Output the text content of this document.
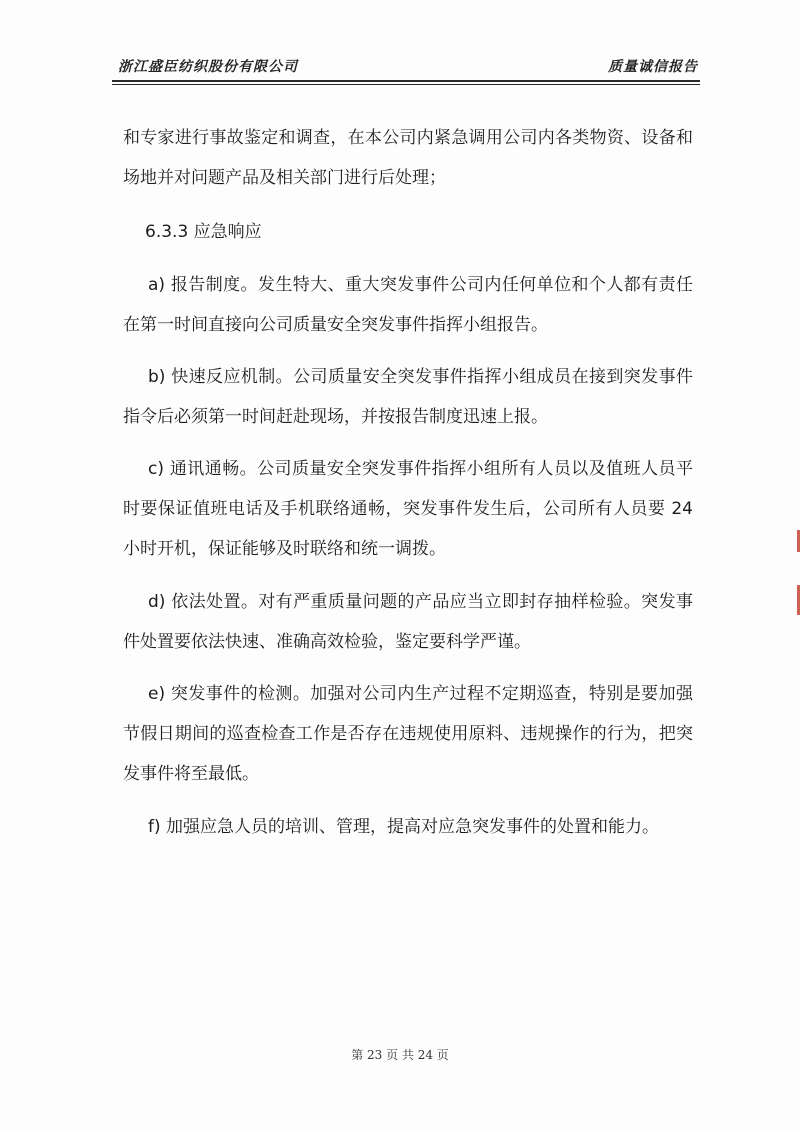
浙江盛臣纺织股份有限公司	质量诚信报告

和专家进行事故鉴定和调查，在本公司内紧急调用公司内各类物资、设备和场地并对问题产品及相关部门进行后处理；

6.3.3 应急响应

a) 报告制度。发生特大、重大突发事件公司内任何单位和个人都有责任在第一时间直接向公司质量安全突发事件指挥小组报告。

b) 快速反应机制。公司质量安全突发事件指挥小组成员在接到突发事件指令后必须第一时间赶赴现场，并按报告制度迅速上报。

c) 通讯通畅。公司质量安全突发事件指挥小组所有人员以及值班人员平时要保证值班电话及手机联络通畅，突发事件发生后，公司所有人员要 24 小时开机，保证能够及时联络和统一调拨。

d) 依法处置。对有严重质量问题的产品应当立即封存抽样检验。突发事件处置要依法快速、准确高效检验，鉴定要科学严谨。

e) 突发事件的检测。加强对公司内生产过程不定期巡查，特别是要加强节假日期间的巡查检查工作是否存在违规使用原料、违规操作的行为，把突发事件将至最低。

f) 加强应急人员的培训、管理，提高对应急突发事件的处置和能力。

第 23 页 共 24 页
